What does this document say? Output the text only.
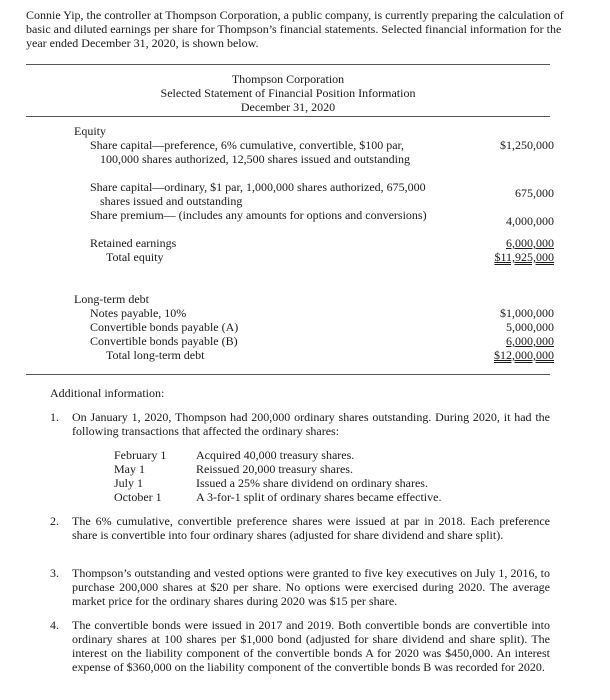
Connie Yip, the controller at Thompson Corporation, a public company, is currently preparing the calculation of basic and diluted earnings per share for Thompson’s financial statements. Selected financial information for the year ended December 31, 2020, is shown below.
Thompson Corporation
Selected Statement of Financial Position Information
December 31, 2020
Equity
Share capital—preference, 6% cumulative, convertible, $100 par, 100,000 shares authorized, 12,500 shares issued and outstanding
$1,250,000
Share capital—ordinary, $1 par, 1,000,000 shares authorized, 675,000 shares issued and outstanding
675,000
Share premium— (includes any amounts for options and conversions)	4,000,000
Retained earnings	6,000,000
Total equity	$11,925,000
Long-term debt
Notes payable, 10%	$1,000,000
Convertible bonds payable (A)	5,000,000
Convertible bonds payable (B)	6,000,000
Total long-term debt	$12,000,000
Additional information:
1. On January 1, 2020, Thompson had 200,000 ordinary shares outstanding. During 2020, it had the following transactions that affected the ordinary shares:
February 1	Acquired 40,000 treasury shares.
May 1	Reissued 20,000 treasury shares.
July 1	Issued a 25% share dividend on ordinary shares.
October 1	A 3-for-1 split of ordinary shares became effective.
2. The 6% cumulative, convertible preference shares were issued at par in 2018. Each preference share is convertible into four ordinary shares (adjusted for share dividend and share split).
3. Thompson’s outstanding and vested options were granted to five key executives on July 1, 2016, to purchase 200,000 shares at $20 per share. No options were exercised during 2020. The average market price for the ordinary shares during 2020 was $15 per share.
4. The convertible bonds were issued in 2017 and 2019. Both convertible bonds are convertible into ordinary shares at 100 shares per $1,000 bond (adjusted for share dividend and share split). The interest on the liability component of the convertible bonds A for 2020 was $450,000. An interest expense of $360,000 on the liability component of the convertible bonds B was recorded for 2020.
